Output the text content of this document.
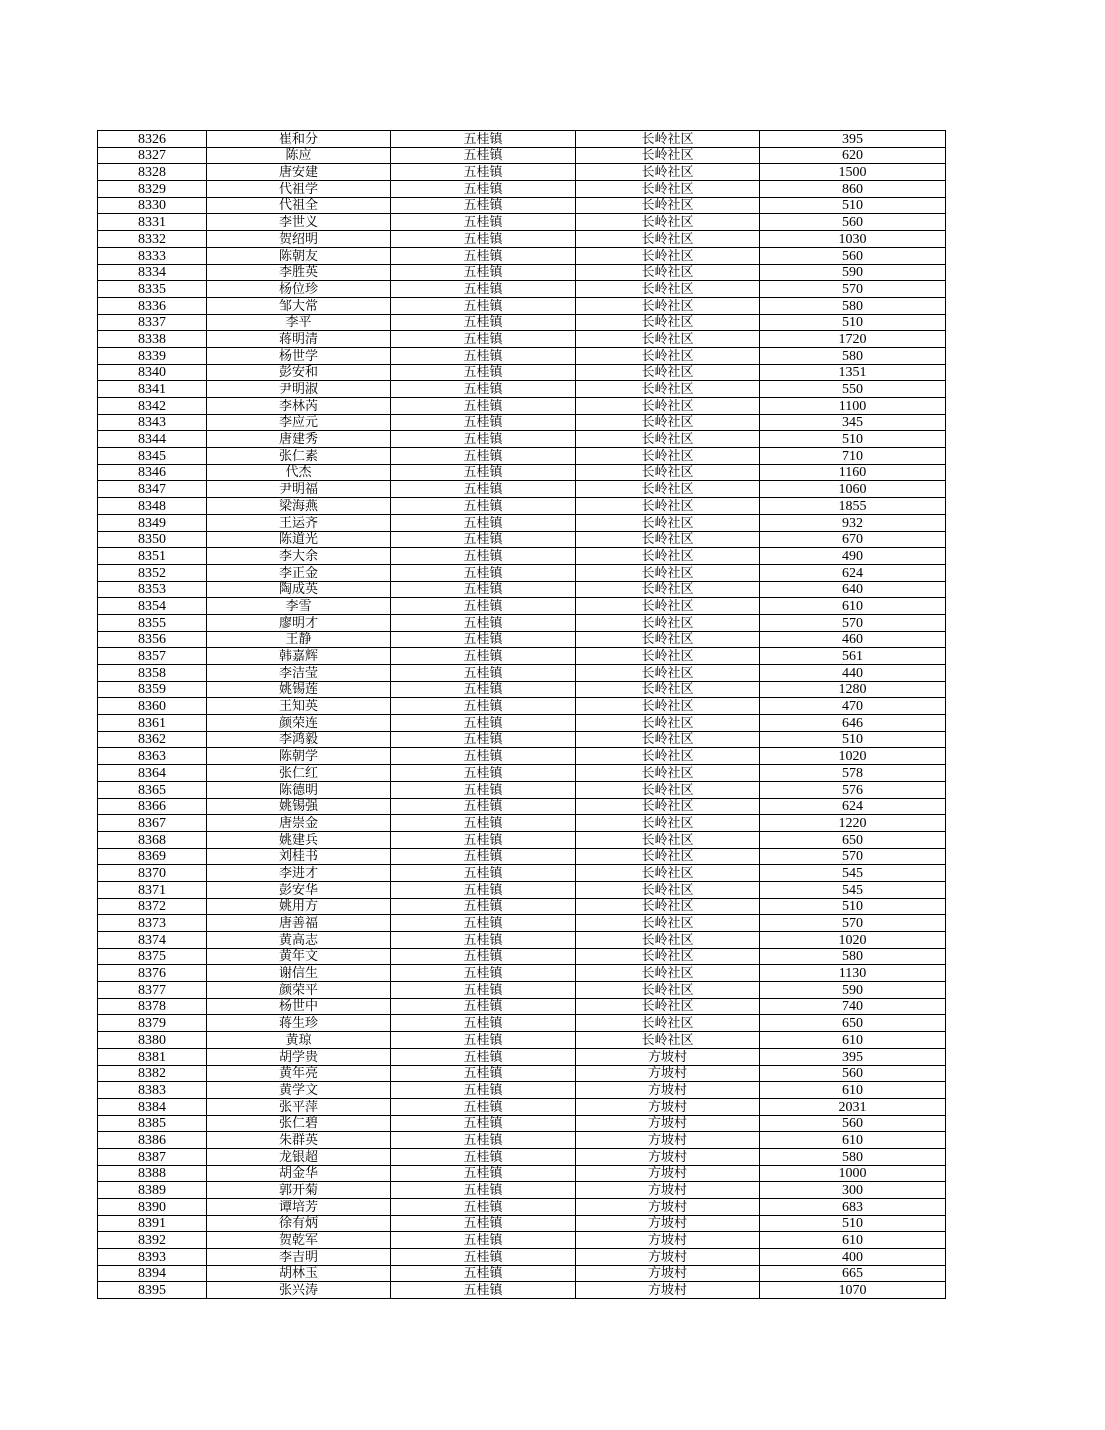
8326	崔和分	五桂镇	长岭社区	395
8327	陈应	五桂镇	长岭社区	620
8328	唐安建	五桂镇	长岭社区	1500
8329	代祖学	五桂镇	长岭社区	860
8330	代祖全	五桂镇	长岭社区	510
8331	李世义	五桂镇	长岭社区	560
8332	贺绍明	五桂镇	长岭社区	1030
8333	陈朝友	五桂镇	长岭社区	560
8334	李胜英	五桂镇	长岭社区	590
8335	杨位珍	五桂镇	长岭社区	570
8336	邹大常	五桂镇	长岭社区	580
8337	李平	五桂镇	长岭社区	510
8338	蒋明清	五桂镇	长岭社区	1720
8339	杨世学	五桂镇	长岭社区	580
8340	彭安和	五桂镇	长岭社区	1351
8341	尹明淑	五桂镇	长岭社区	550
8342	李林芮	五桂镇	长岭社区	1100
8343	李应元	五桂镇	长岭社区	345
8344	唐建秀	五桂镇	长岭社区	510
8345	张仁素	五桂镇	长岭社区	710
8346	代杰	五桂镇	长岭社区	1160
8347	尹明福	五桂镇	长岭社区	1060
8348	梁海燕	五桂镇	长岭社区	1855
8349	王运齐	五桂镇	长岭社区	932
8350	陈道光	五桂镇	长岭社区	670
8351	李大余	五桂镇	长岭社区	490
8352	李正金	五桂镇	长岭社区	624
8353	陶成英	五桂镇	长岭社区	640
8354	李雪	五桂镇	长岭社区	610
8355	廖明才	五桂镇	长岭社区	570
8356	王静	五桂镇	长岭社区	460
8357	韩嘉辉	五桂镇	长岭社区	561
8358	李洁莹	五桂镇	长岭社区	440
8359	姚锡莲	五桂镇	长岭社区	1280
8360	王知英	五桂镇	长岭社区	470
8361	颜荣连	五桂镇	长岭社区	646
8362	李鸿毅	五桂镇	长岭社区	510
8363	陈朝学	五桂镇	长岭社区	1020
8364	张仁红	五桂镇	长岭社区	578
8365	陈德明	五桂镇	长岭社区	576
8366	姚锡强	五桂镇	长岭社区	624
8367	唐崇金	五桂镇	长岭社区	1220
8368	姚建兵	五桂镇	长岭社区	650
8369	刘桂书	五桂镇	长岭社区	570
8370	李进才	五桂镇	长岭社区	545
8371	彭安华	五桂镇	长岭社区	545
8372	姚用方	五桂镇	长岭社区	510
8373	唐善福	五桂镇	长岭社区	570
8374	黄高志	五桂镇	长岭社区	1020
8375	黄年文	五桂镇	长岭社区	580
8376	谢信生	五桂镇	长岭社区	1130
8377	颜荣平	五桂镇	长岭社区	590
8378	杨世中	五桂镇	长岭社区	740
8379	蒋生珍	五桂镇	长岭社区	650
8380	黄琼	五桂镇	长岭社区	610
8381	胡学贵	五桂镇	方坡村	395
8382	黄年亮	五桂镇	方坡村	560
8383	黄学文	五桂镇	方坡村	610
8384	张平萍	五桂镇	方坡村	2031
8385	张仁碧	五桂镇	方坡村	560
8386	朱群英	五桂镇	方坡村	610
8387	龙银超	五桂镇	方坡村	580
8388	胡金华	五桂镇	方坡村	1000
8389	郭开菊	五桂镇	方坡村	300
8390	谭培芳	五桂镇	方坡村	683
8391	徐有炳	五桂镇	方坡村	510
8392	贺乾军	五桂镇	方坡村	610
8393	李吉明	五桂镇	方坡村	400
8394	胡林玉	五桂镇	方坡村	665
8395	张兴涛	五桂镇	方坡村	1070
